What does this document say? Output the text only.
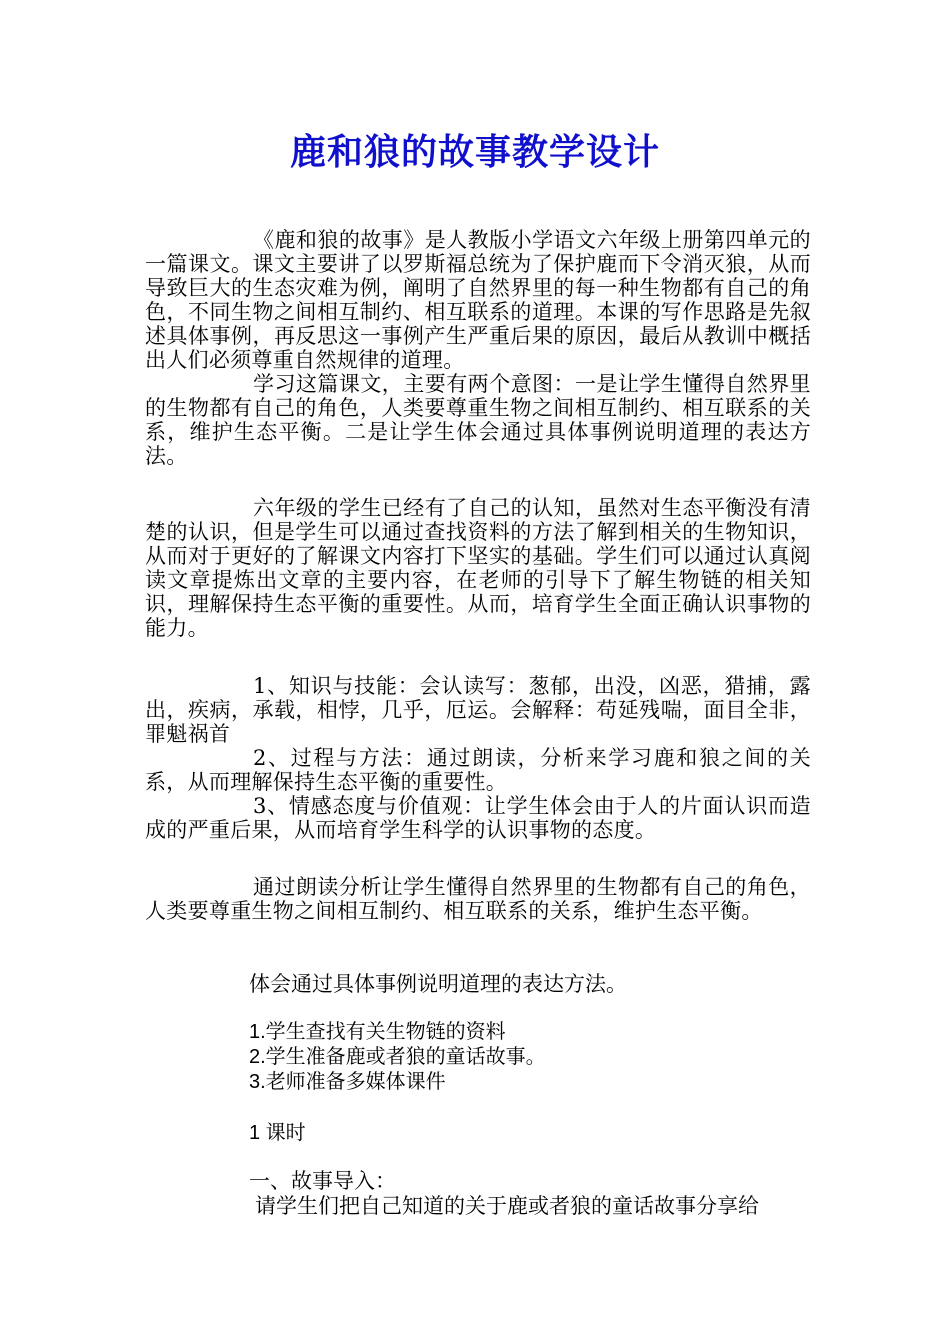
鹿和狼的故事教学设计

《鹿和狼的故事》是人教版小学语文六年级上册第四单元的一篇课文。课文主要讲了以罗斯福总统为了保护鹿而下令消灭狼，从而导致巨大的生态灾难为例，阐明了自然界里的每一种生物都有自己的角色，不同生物之间相互制约、相互联系的道理。本课的写作思路是先叙述具体事例，再反思这一事例产生严重后果的原因，最后从教训中概括出人们必须尊重自然规律的道理。

学习这篇课文，主要有两个意图：一是让学生懂得自然界里的生物都有自己的角色，人类要尊重生物之间相互制约、相互联系的关系，维护生态平衡。二是让学生体会通过具体事例说明道理的表达方法。

六年级的学生已经有了自己的认知，虽然对生态平衡没有清楚的认识，但是学生可以通过查找资料的方法了解到相关的生物知识，从而对于更好的了解课文内容打下坚实的基础。学生们可以通过认真阅读文章提炼出文章的主要内容，在老师的引导下了解生物链的相关知识，理解保持生态平衡的重要性。从而，培育学生全面正确认识事物的能力。

1、知识与技能：会认读写：葱郁，出没，凶恶，猎捕，露出，疾病，承载，相悖，几乎，厄运。会解释：苟延残喘，面目全非，罪魁祸首

2、过程与方法：通过朗读，分析来学习鹿和狼之间的关系，从而理解保持生态平衡的重要性。

3、情感态度与价值观：让学生体会由于人的片面认识而造成的严重后果，从而培育学生科学的认识事物的态度。

通过朗读分析让学生懂得自然界里的生物都有自己的角色，人类要尊重生物之间相互制约、相互联系的关系，维护生态平衡。

体会通过具体事例说明道理的表达方法。
1.学生查找有关生物链的资料
2.学生准备鹿或者狼的童话故事。
3.老师准备多媒体课件
1 课时
一、故事导入：
请学生们把自己知道的关于鹿或者狼的童话故事分享给
